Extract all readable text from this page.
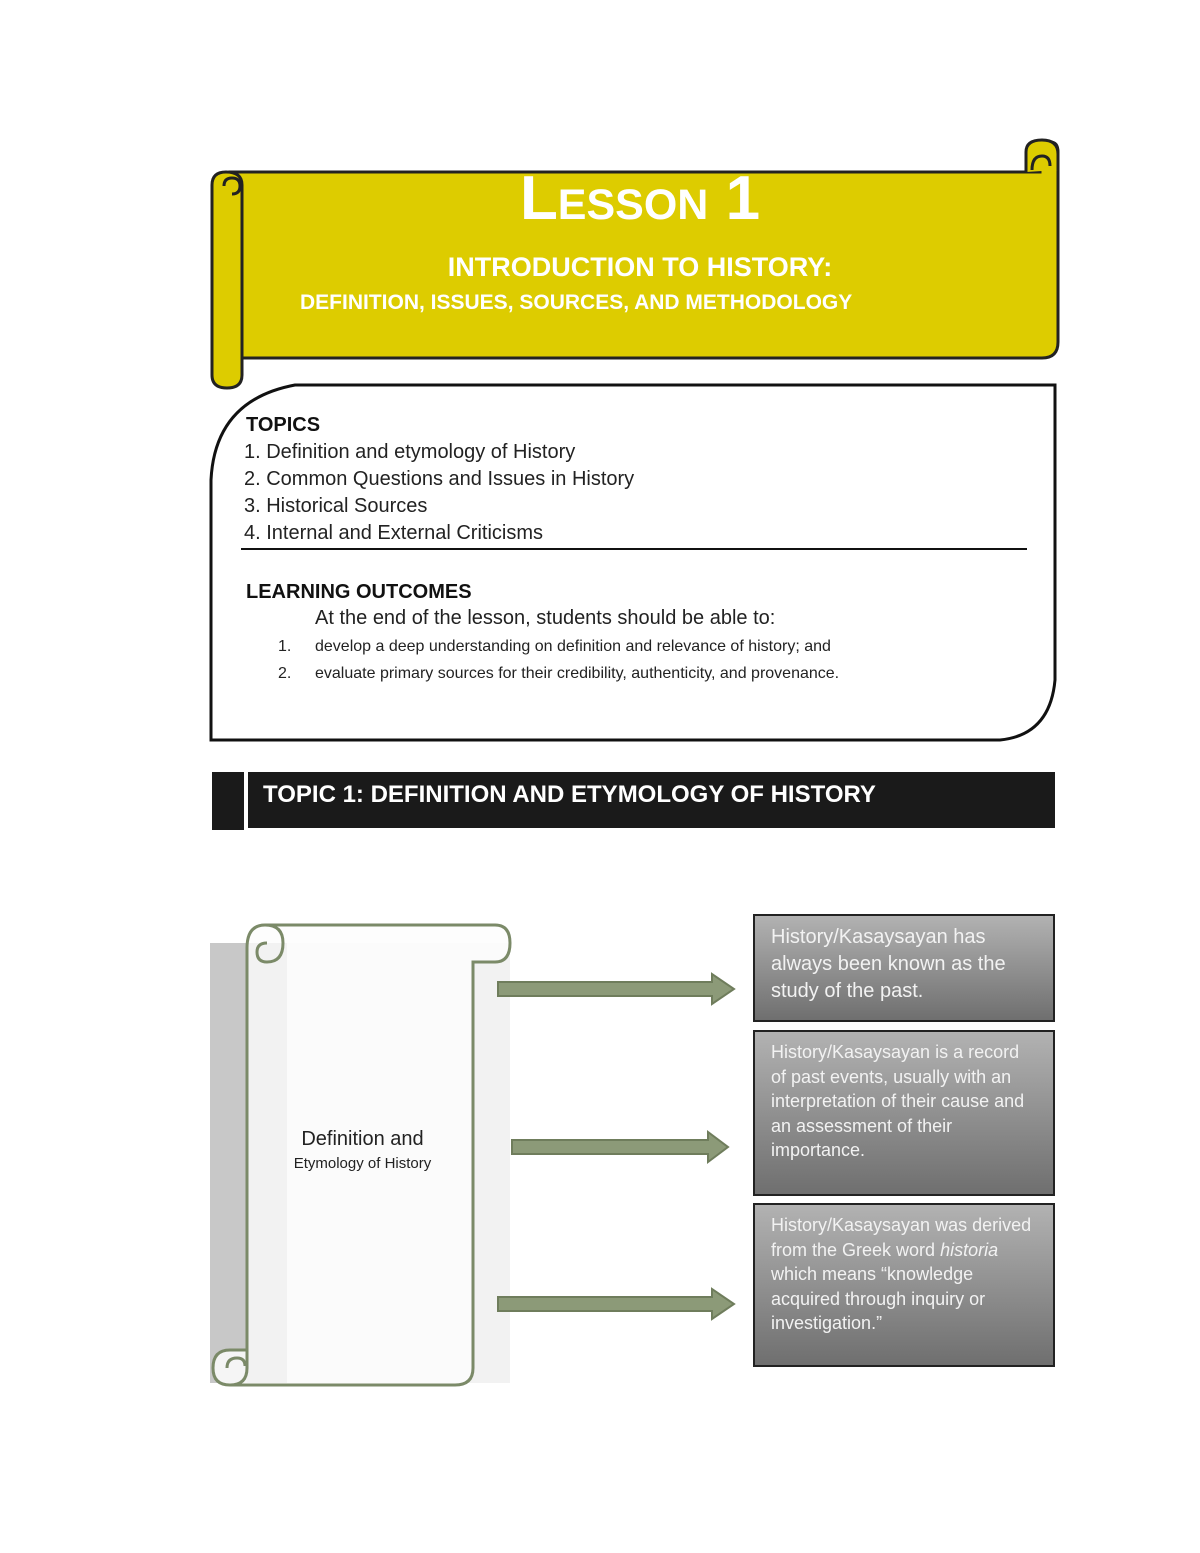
Lesson 1
INTRODUCTION TO HISTORY:
DEFINITION, ISSUES, SOURCES, AND METHODOLOGY
TOPICS
1. Definition and etymology of History
2. Common Questions and Issues in History
3. Historical Sources
4. Internal and External Criticisms
LEARNING OUTCOMES
At the end of the lesson, students should be able to:
1. develop a deep understanding on definition and relevance of history; and
2. evaluate primary sources for their credibility, authenticity, and provenance.
TOPIC 1: DEFINITION AND ETYMOLOGY OF HISTORY
Definition and
Etymology of History
History/Kasaysayan has always been known as the study of the past.
History/Kasaysayan is a record of past events, usually with an interpretation of their cause and an assessment of their importance.
History/Kasaysayan was derived from the Greek word historia which means “knowledge acquired through inquiry or investigation.”
